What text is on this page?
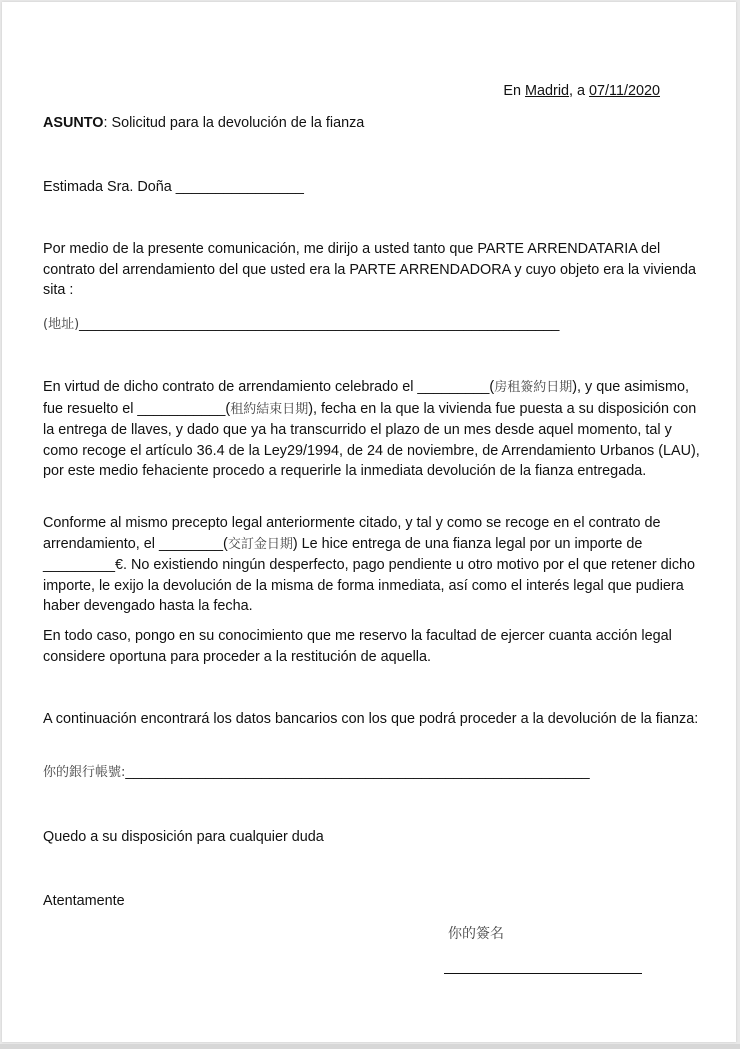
En Madrid, a 07/11/2020

ASUNTO: Solicitud para la devolución de la fianza

Estimada Sra. Doña ________________

Por medio de la presente comunicación, me dirijo a usted tanto que PARTE ARRENDATARIA del contrato del arrendamiento del que usted era la PARTE ARRENDADORA y cuyo objeto era la vivienda sita :

(地址)____________________________________________________________

En virtud de dicho contrato de arrendamiento celebrado el _________(房租簽約日期), y que asimismo, fue resuelto el ___________(租約結束日期), fecha en la que la vivienda fue puesta a su disposición con la entrega de llaves, y dado que ya ha transcurrido el plazo de un mes desde aquel momento, tal y como recoge el artículo 36.4 de la Ley29/1994, de 24 de noviembre, de Arrendamiento Urbanos (LAU), por este medio fehaciente procedo a requerirle la inmediata devolución de la fianza entregada.

Conforme al mismo precepto legal anteriormente citado, y tal y como se recoge en el contrato de arrendamiento, el ________(交訂金日期) Le hice entrega de una fianza legal por un importe de _________€. No existiendo ningún desperfecto, pago pendiente u otro motivo por el que retener dicho importe, le exijo la devolución de la misma de forma inmediata, así como el interés legal que pudiera haber devengado hasta la fecha.

En todo caso, pongo en su conocimiento que me reservo la facultad de ejercer cuanta acción legal considere oportuna para proceder a la restitución de aquella.

A continuación encontrará los datos bancarios con los que podrá proceder a la devolución de la fianza:

你的銀行帳號:__________________________________________________________

Quedo a su disposición para cualquier duda

Atentamente

你的簽名
